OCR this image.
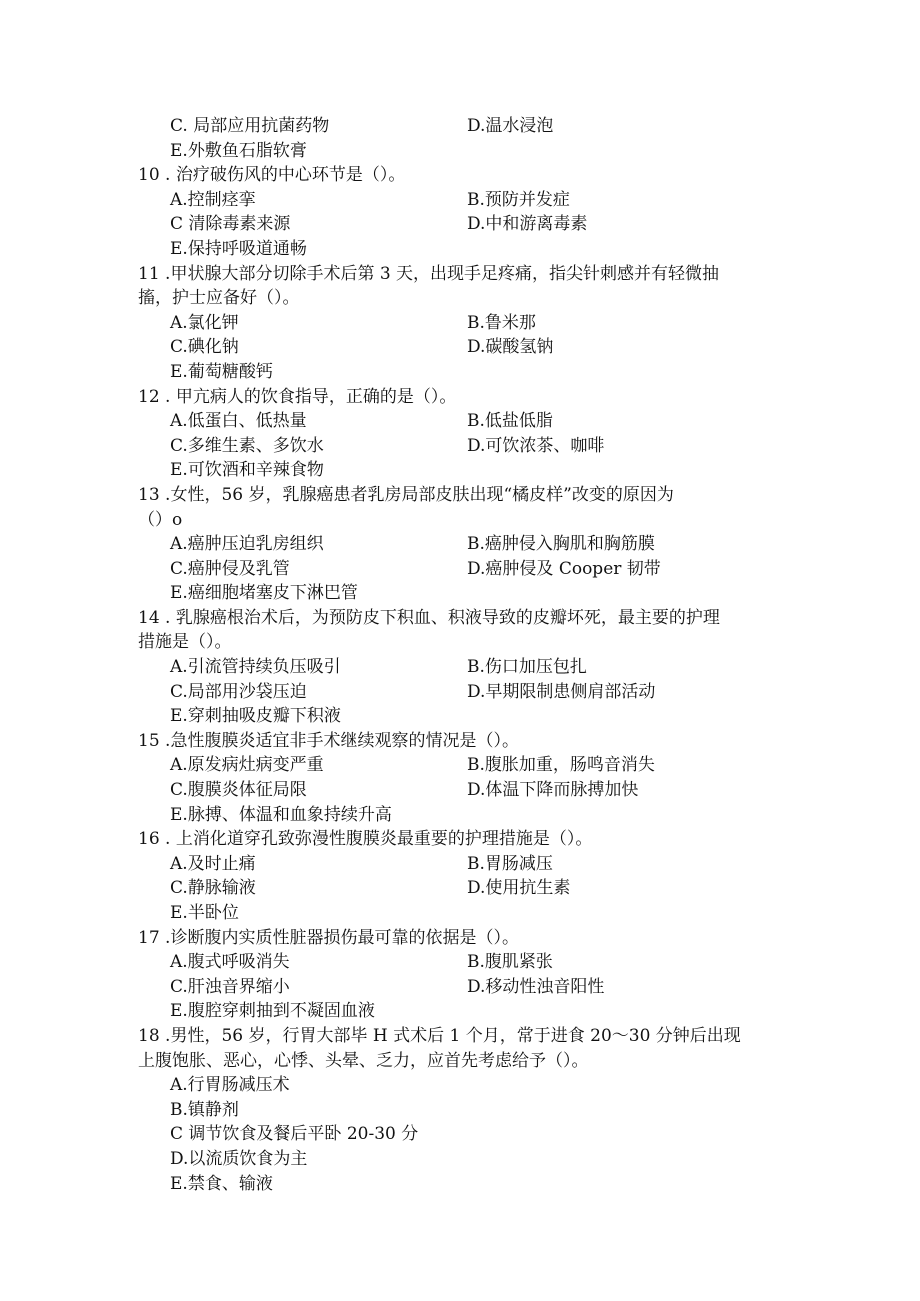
C. 局部应用抗菌药物	D.温水浸泡
E.外敷鱼石脂软膏
10 . 治疗破伤风的中心环节是（）。
A.控制痉挛	B.预防并发症
C 清除毒素来源	D.中和游离毒素
E.保持呼吸道通畅
11 .甲状腺大部分切除手术后第 3 天，出现手足疼痛，指尖针刺感并有轻微抽
搐，护士应备好（）。
A.氯化钾	B.鲁米那
C.碘化钠	D.碳酸氢钠
E.葡萄糖酸钙
12 . 甲亢病人的饮食指导，正确的是（）。
A.低蛋白、低热量	B.低盐低脂
C.多维生素、多饮水	D.可饮浓茶、咖啡
E.可饮酒和辛辣食物
13 .女性，56 岁，乳腺癌患者乳房局部皮肤出现“橘皮样”改变的原因为
（）o
A.癌肿压迫乳房组织	B.癌肿侵入胸肌和胸筋膜
C.癌肿侵及乳管	D.癌肿侵及 Cooper 韧带
E.癌细胞堵塞皮下淋巴管
14 . 乳腺癌根治术后，为预防皮下积血、积液导致的皮瓣坏死，最主要的护理
措施是（）。
A.引流管持续负压吸引	B.伤口加压包扎
C.局部用沙袋压迫	D.早期限制患侧肩部活动
E.穿刺抽吸皮瓣下积液
15 .急性腹膜炎适宜非手术继续观察的情况是（）。
A.原发病灶病变严重	B.腹胀加重，肠鸣音消失
C.腹膜炎体征局限	D.体温下降而脉搏加快
E.脉搏、体温和血象持续升高
16 . 上消化道穿孔致弥漫性腹膜炎最重要的护理措施是（）。
A.及时止痛	B.胃肠减压
C.静脉输液	D.使用抗生素
E.半卧位
17 .诊断腹内实质性脏器损伤最可靠的依据是（）。
A.腹式呼吸消失	B.腹肌紧张
C.肝浊音界缩小	D.移动性浊音阳性
E.腹腔穿刺抽到不凝固血液
18 .男性，56 岁，行胃大部毕 H 式术后 1 个月，常于进食 20～30 分钟后出现
上腹饱胀、恶心，心悸、头晕、乏力，应首先考虑给予（）。
A.行胃肠减压术
B.镇静剂
C 调节饮食及餐后平卧 20-30 分
D.以流质饮食为主
E.禁食、输液
